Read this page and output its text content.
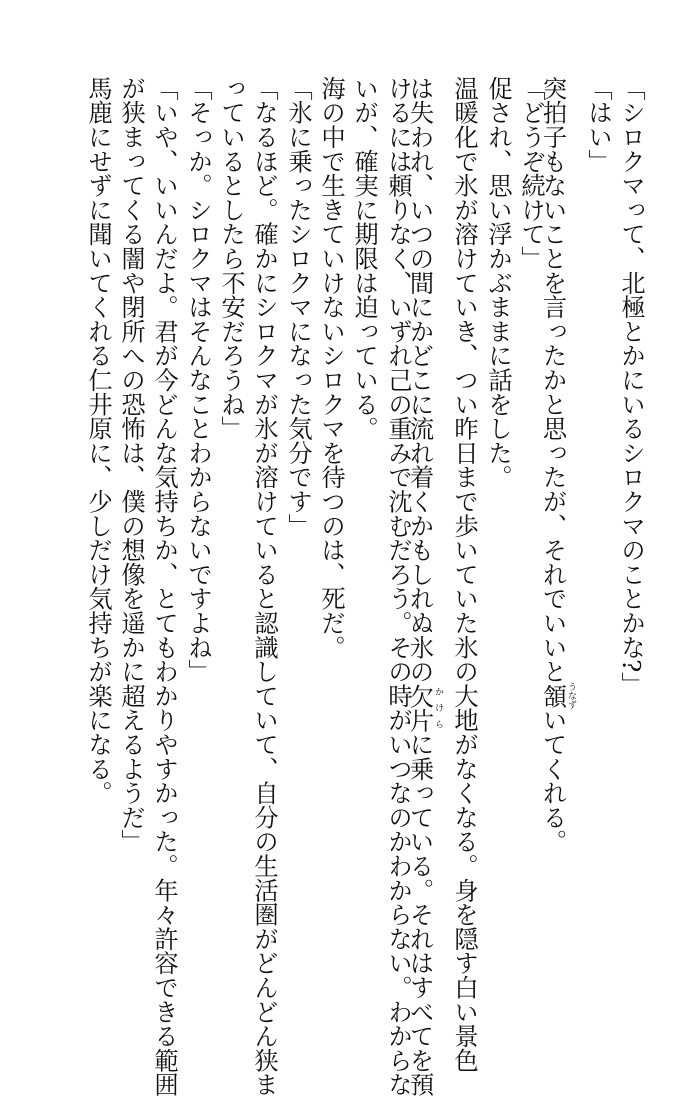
「シロクマって、北極とかにいるシロクマのことかな?」
「はい」
突拍子もないことを言ったかと思ったが、それでいいと頷うなずいてくれる。
「どうぞ続けて」
促され、思い浮かぶままに話をした。
温暖化で氷が溶けていき、つい昨日まで歩いていた氷の大地がなくなる。身を隠す白い景色
は失われ、いつの間にかどこに流れ着くかもしれぬ氷の欠片かけらに乗っている。それはすべてを預
けるには頼りなく、いずれ己の重みで沈むだろう。その時がいつなのかわからない。わからな
いが、確実に期限は迫っている。
海の中で生きていけないシロクマを待つのは、死だ。
「氷に乗ったシロクマになった気分です」
「なるほど。確かにシロクマが氷が溶けていると認識していて、自分の生活圏がどんどん狭ま
っているとしたら不安だろうね」
「そっか。シロクマはそんなことわからないですよね」
「いや、いいんだよ。君が今どんな気持ちか、とてもわかりやすかった。年々許容できる範囲
が狭まってくる闇や閉所への恐怖は、僕の想像を遥かに超えるようだ」
馬鹿にせずに聞いてくれる仁井原に、少しだけ気持ちが楽になる。
